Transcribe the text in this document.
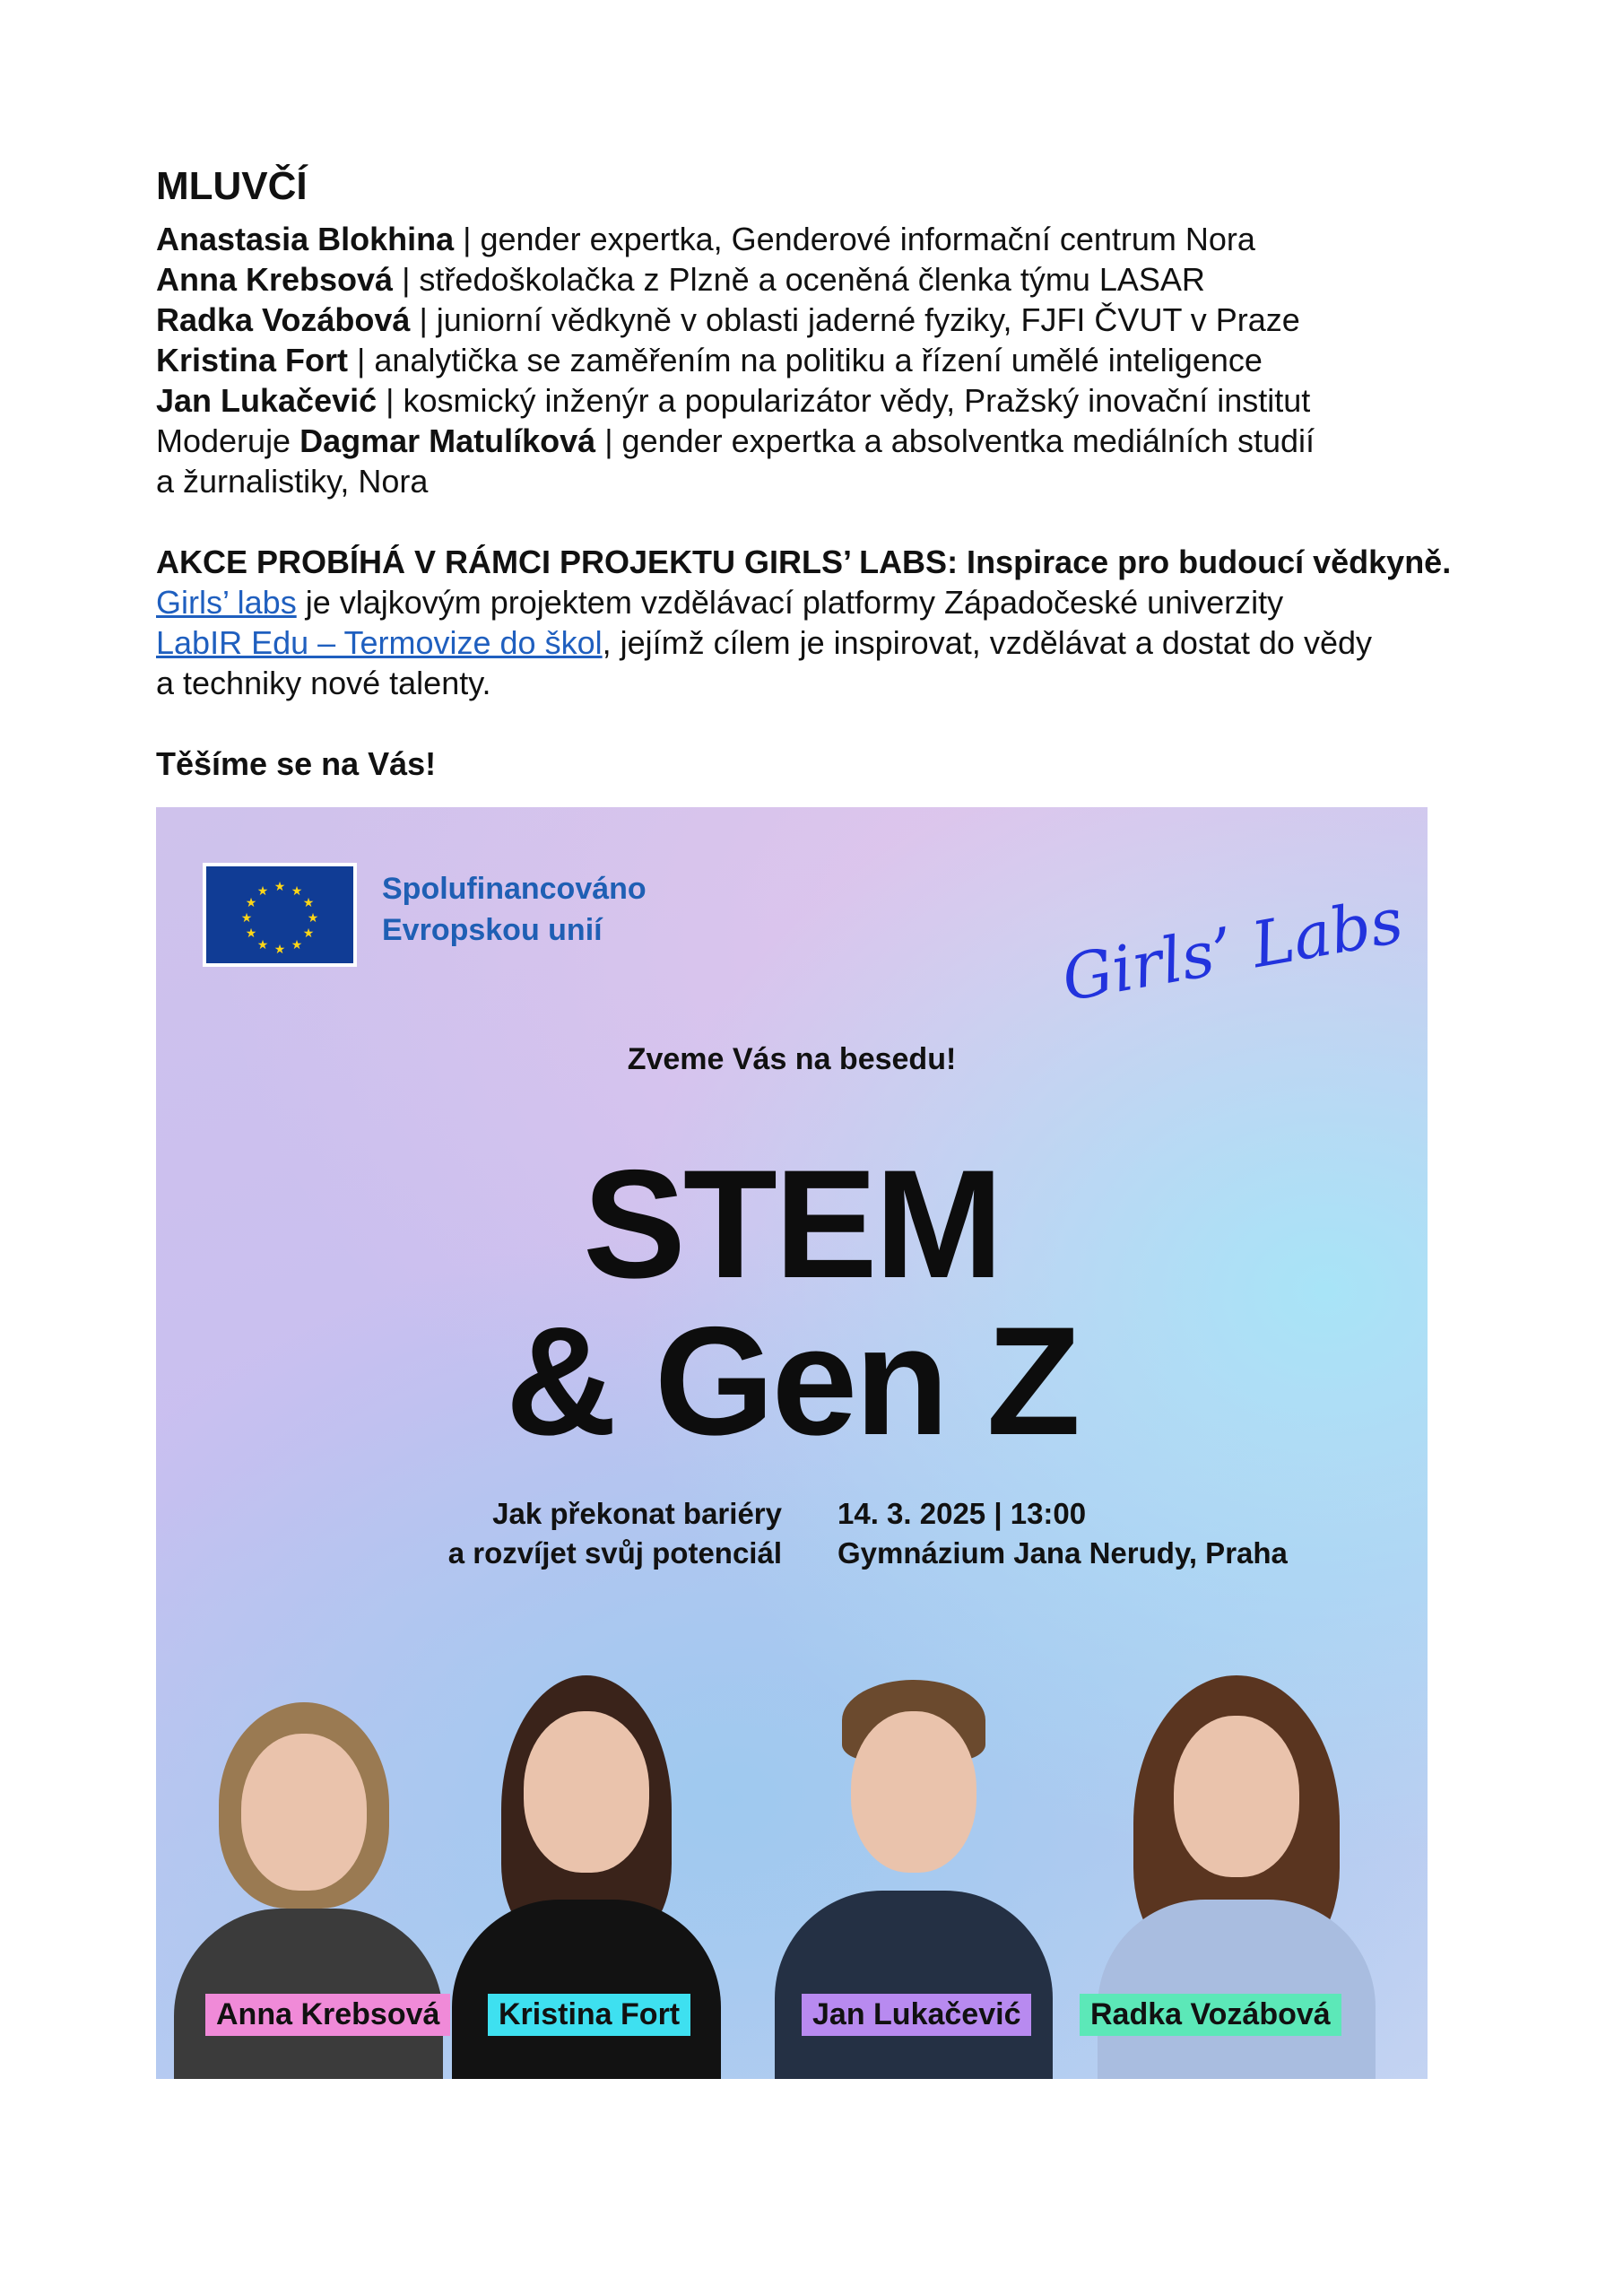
MLUVČÍ
Anastasia Blokhina | gender expertka, Genderové informační centrum Nora
Anna Krebsová | středoškolačka z Plzně a oceněná členka týmu LASAR
Radka Vozábová | juniorní vědkyně v oblasti jaderné fyziky, FJFI ČVUT v Praze
Kristina Fort | analytička se zaměřením na politiku a řízení umělé inteligence
Jan Lukačević | kosmický inženýr a popularizátor vědy, Pražský inovační institut
Moderuje Dagmar Matulíková | gender expertka a absolventka mediálních studií
a žurnalistiky, Nora
AKCE PROBÍHÁ V RÁMCI PROJEKTU GIRLS’ LABS: Inspirace pro budoucí vědkyně.
Girls’ labs je vlajkovým projektem vzdělávací platformy Západočeské univerzity
LabIR Edu – Termovize do škol, jejímž cílem je inspirovat, vzdělávat a dostat do vědy
a techniky nové talenty.
Těšíme se na Vás!
★ ★
★
★
★
★
★
★
★
★
★
★	Spolufinancováno
Evropskou unií	Girls’ Labs
Zveme Vás na besedu!
STEM
& Gen Z
Jak překonat bariéry
a rozvíjet svůj potenciál
14. 3. 2025 | 13:00
Gymnázium Jana Nerudy, Praha
Anna Krebsová	Kristina Fort	Jan Lukačević	Radka Vozábová
